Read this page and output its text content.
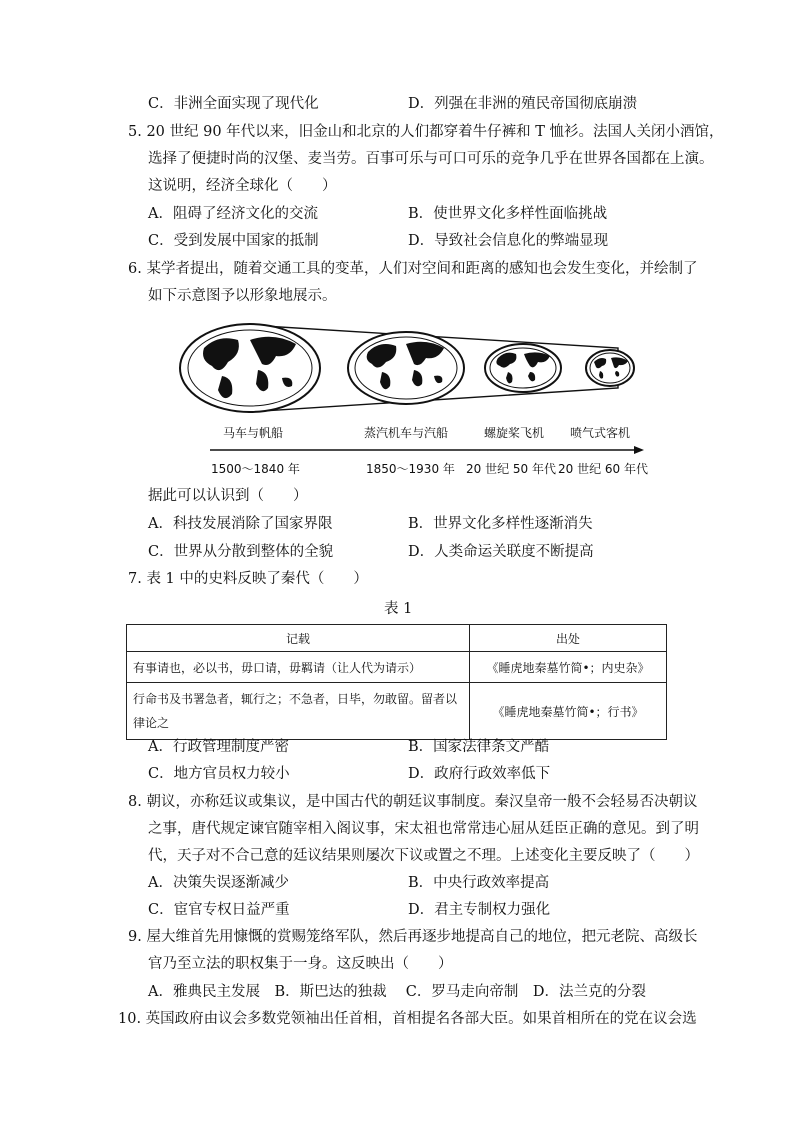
C．非洲全面实现了现代化	D．列强在非洲的殖民帝国彻底崩溃
5. 20 世纪 90 年代以来，旧金山和北京的人们都穿着牛仔裤和 T 恤衫。法国人关闭小酒馆，
选择了便捷时尚的汉堡、麦当劳。百事可乐与可口可乐的竞争几乎在世界各国都在上演。
这说明，经济全球化（　　）
A．阻碍了经济文化的交流	B．使世界文化多样性面临挑战
C．受到发展中国家的抵制	D．导致社会信息化的弊端显现
6. 某学者提出，随着交通工具的变革，人们对空间和距离的感知也会发生变化，并绘制了
如下示意图予以形象地展示。
马车与帆船	蒸汽机车与汽船	螺旋桨飞机 喷气式客机
1500～1840 年	1850～1930 年 20 世纪 50 年代 20 世纪 60 年代
据此可以认识到（　　）
A．科技发展消除了国家界限	B．世界文化多样性逐渐消失
C．世界从分散到整体的全貌	D．人类命运关联度不断提高
7. 表 1 中的史料反映了秦代（　　）
表 1
记载	出处
有事请也，必以书，毋口请，毋羁请（让人代为请示）	《睡虎地秦墓竹简•；内史杂》
行命书及书署急者，辄行之；不急者，日毕，勿敢留。留者以律论之	《睡虎地秦墓竹简•；行书》
A．行政管理制度严密	B．国家法律条文严酷
C．地方官员权力较小	D．政府行政效率低下
8. 朝议，亦称廷议或集议，是中国古代的朝廷议事制度。秦汉皇帝一般不会轻易否决朝议
之事，唐代规定谏官随宰相入阁议事，宋太祖也常常违心屈从廷臣正确的意见。到了明
代，天子对不合己意的廷议结果则屡次下议或置之不理。上述变化主要反映了（　　）
A．决策失误逐渐减少	B．中央行政效率提高
C．宦官专权日益严重	D．君主专制权力强化
9. 屋大维首先用慷慨的赏赐笼络军队，然后再逐步地提高自己的地位，把元老院、高级长
官乃至立法的职权集于一身。这反映出（　　）
A．雅典民主发展　B．斯巴达的独裁　 C．罗马走向帝制　D．法兰克的分裂
10. 英国政府由议会多数党领袖出任首相，首相提名各部大臣。如果首相所在的党在议会选
